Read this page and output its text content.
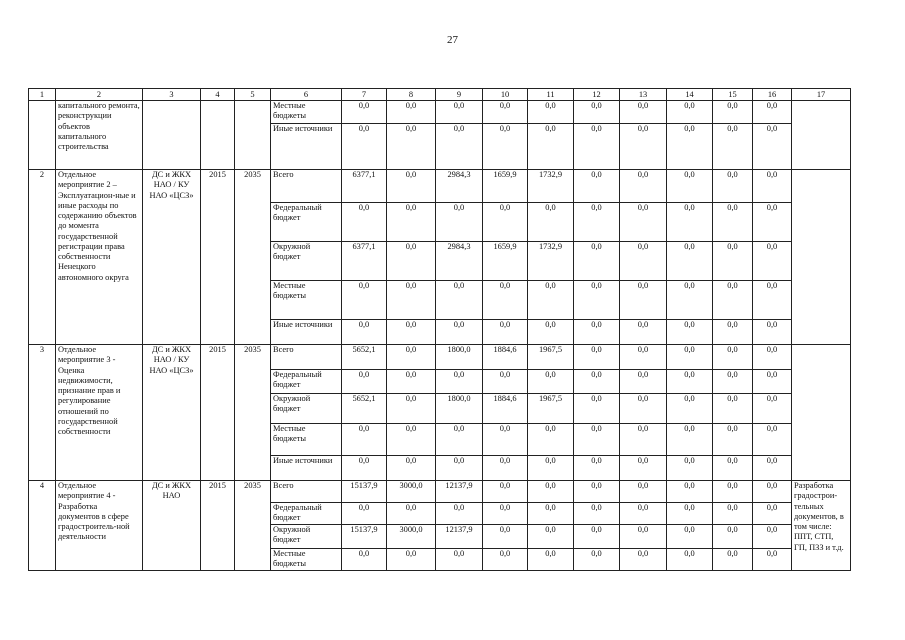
27
1	2	3	4	5	6	7	8	9	10	11	12	13	14	15	16	17
	капитального ремонта, реконструкции объектов капитального строительства				Местные бюджеты	0,0	0,0	0,0	0,0	0,0	0,0	0,0	0,0	0,0	0,0	
					Иные источники	0,0	0,0	0,0	0,0	0,0	0,0	0,0	0,0	0,0	0,0	
2	Отдельное мероприятие 2 – Эксплуатацион-ные и иные расходы по содержанию объектов до момента государственной регистрации права собственности Ненецкого автономного округа	ДС и ЖКХ НАО / КУ НАО «ЦСЗ»	2015	2035	Всего	6377,1	0,0	2984,3	1659,9	1732,9	0,0	0,0	0,0	0,0	0,0	
					Федеральный бюджет	0,0	0,0	0,0	0,0	0,0	0,0	0,0	0,0	0,0	0,0	
					Окружной бюджет	6377,1	0,0	2984,3	1659,9	1732,9	0,0	0,0	0,0	0,0	0,0	
					Местные бюджеты	0,0	0,0	0,0	0,0	0,0	0,0	0,0	0,0	0,0	0,0	
					Иные источники	0,0	0,0	0,0	0,0	0,0	0,0	0,0	0,0	0,0	0,0	
3	Отдельное мероприятие 3 - Оценка недвижимости, признание прав и регулирование отношений по государственной собственности	ДС и ЖКХ НАО / КУ НАО «ЦСЗ»	2015	2035	Всего	5652,1	0,0	1800,0	1884,6	1967,5	0,0	0,0	0,0	0,0	0,0	
					Федеральный бюджет	0,0	0,0	0,0	0,0	0,0	0,0	0,0	0,0	0,0	0,0	
					Окружной бюджет	5652,1	0,0	1800,0	1884,6	1967,5	0,0	0,0	0,0	0,0	0,0	
					Местные бюджеты	0,0	0,0	0,0	0,0	0,0	0,0	0,0	0,0	0,0	0,0	
					Иные источники	0,0	0,0	0,0	0,0	0,0	0,0	0,0	0,0	0,0	0,0	
4	Отдельное мероприятие 4 - Разработка документов в сфере градостроитель-ной деятельности	ДС и ЖКХ НАО	2015	2035	Всего	15137,9	3000,0	12137,9	0,0	0,0	0,0	0,0	0,0	0,0	0,0	Разработка градострои-тельных документов, в том числе: ППТ, СТП, ГП, ПЗЗ и т.д.
					Федеральный бюджет	0,0	0,0	0,0	0,0	0,0	0,0	0,0	0,0	0,0	0,0	
					Окружной бюджет	15137,9	3000,0	12137,9	0,0	0,0	0,0	0,0	0,0	0,0	0,0	
					Местные бюджеты	0,0	0,0	0,0	0,0	0,0	0,0	0,0	0,0	0,0	0,0	
